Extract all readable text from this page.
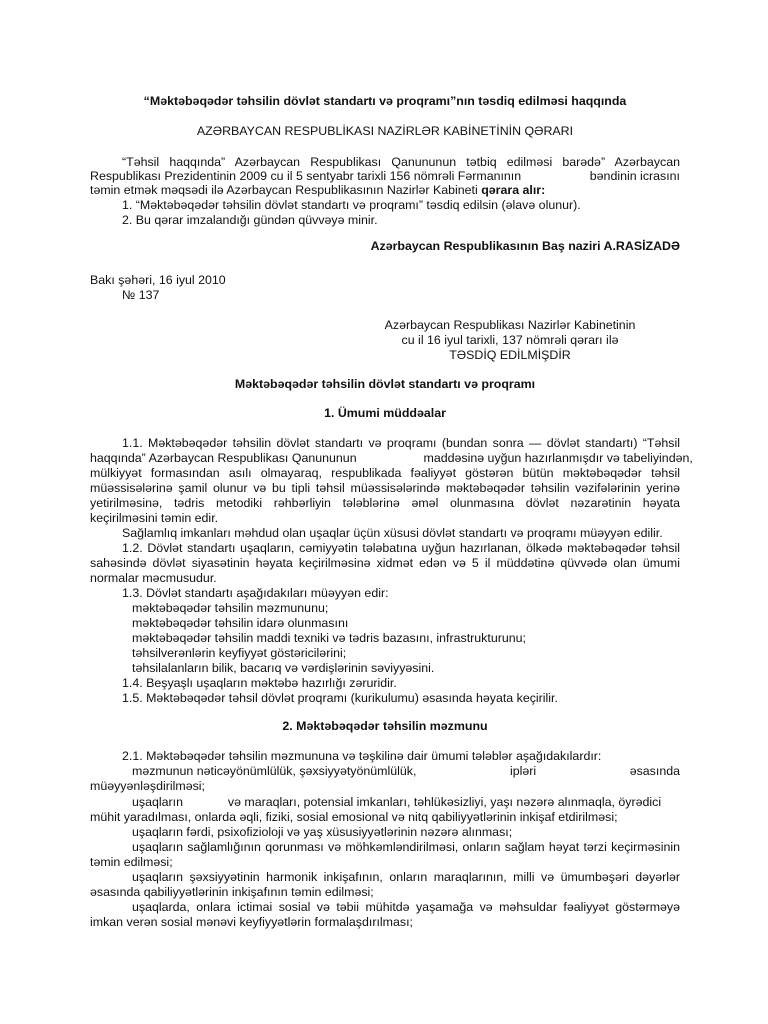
“Məktəbəqədər təhsilin dövlət standartı və proqramı”nın təsdiq edilməsi haqqında
AZƏRBAYCAN RESPUBLİKASI NAZİRLƏR KABİNETİNİN QƏRARI
“Təhsil haqqında” Azərbaycan Respublikası Qanununun tətbiq edilməsi barədə” Azərbaycan
Respublikası Prezidentinin 2009 cu il 5 sentyabr tarixli 156 nömrəli Fərmanının	bəndinin icrasını
təmin etmək məqsədi ilə Azərbaycan Respublikasının Nazirlər Kabineti qərara alır:
1. “Məktəbəqədər təhsilin dövlət standartı və proqramı” təsdiq edilsin (əlavə olunur).
2. Bu qərar imzalandığı gündən qüvvəyə minir.
Azərbaycan Respublikasının Baş naziri A.RASİZADƏ
Bakı şəhəri, 16 iyul 2010
№ 137
Azərbaycan Respublikası Nazirlər Kabinetinin
cu il 16 iyul tarixli, 137 nömrəli qərarı ilə
TƏSDİQ EDİLMİŞDİR
Məktəbəqədər təhsilin dövlət standartı və proqramı
1. Ümumi müddəalar
1.1. Məktəbəqədər təhsilin dövlət standartı və proqramı (bundan sonra — dövlət standartı) “Təhsil
haqqında” Azərbaycan Respublikası Qanununun	maddəsinə uyğun hazırlanmışdır və tabeliyindən,
mülkiyyət formasından asılı olmayaraq, respublikada fəaliyyət göstərən bütün məktəbəqədər təhsil
müəssisələrinə şamil olunur və bu tipli təhsil müəssisələrində məktəbəqədər təhsilin vəzifələrinin yerinə
yetirilməsinə, tədris metodiki rəhbərliyin tələblərinə əməl olunmasına dövlət nəzarətinin həyata
keçirilməsini təmin edir.
Sağlamlıq imkanları məhdud olan uşaqlar üçün xüsusi dövlət standartı və proqramı müəyyən edilir.
1.2. Dövlət standartı uşaqların, cəmiyyətin tələbatına uyğun hazırlanan, ölkədə məktəbəqədər təhsil
sahəsində dövlət siyasətinin həyata keçirilməsinə xidmət edən və 5 il müddətinə qüvvədə olan ümumi
normalar məcmusudur.
1.3. Dövlət standartı aşağıdakıları müəyyən edir:
məktəbəqədər təhsilin məzmununu;
məktəbəqədər təhsilin idarə olunmasını
məktəbəqədər təhsilin maddi texniki və tədris bazasını, infrastrukturunu;
təhsilverənlərin keyfiyyət göstəricilərini;
təhsilalanların bilik, bacarıq və vərdişlərinin səviyyəsini.
1.4. Beşyaşlı uşaqların məktəbə hazırlığı zəruridir.
1.5. Məktəbəqədər təhsil dövlət proqramı (kurikulumu) əsasında həyata keçirilir.
2. Məktəbəqədər təhsilin məzmunu
2.1. Məktəbəqədər təhsilin məzmununa və təşkilinə dair ümumi tələblər aşağıdakılardır:
məzmunun nəticəyönümlülük, şəxsiyyətyönümlülük,	ipləri	əsasında
müəyyənləşdirilməsi;
uşaqların	və maraqları, potensial imkanları, təhlükəsizliyi, yaşı nəzərə alınmaqla, öyrədici
mühit yaradılması, onlarda əqli, fiziki, sosial emosional və nitq qabiliyyətlərinin inkişaf etdirilməsi;
uşaqların fərdi, psixofizioloji və yaş xüsusiyyətlərinin nəzərə alınması;
uşaqların sağlamlığının qorunması və möhkəmləndirilməsi, onların sağlam həyat tərzi keçirməsinin
təmin edilməsi;
uşaqların şəxsiyyətinin harmonik inkişafının, onların maraqlarının, milli və ümumbəşəri dəyərlər
əsasında qabiliyyətlərinin inkişafının təmin edilməsi;
uşaqlarda, onlara ictimai sosial və təbii mühitdə yaşamağa və məhsuldar fəaliyyət göstərməyə
imkan verən sosial mənəvi keyfiyyətlərin formalaşdırılması;
